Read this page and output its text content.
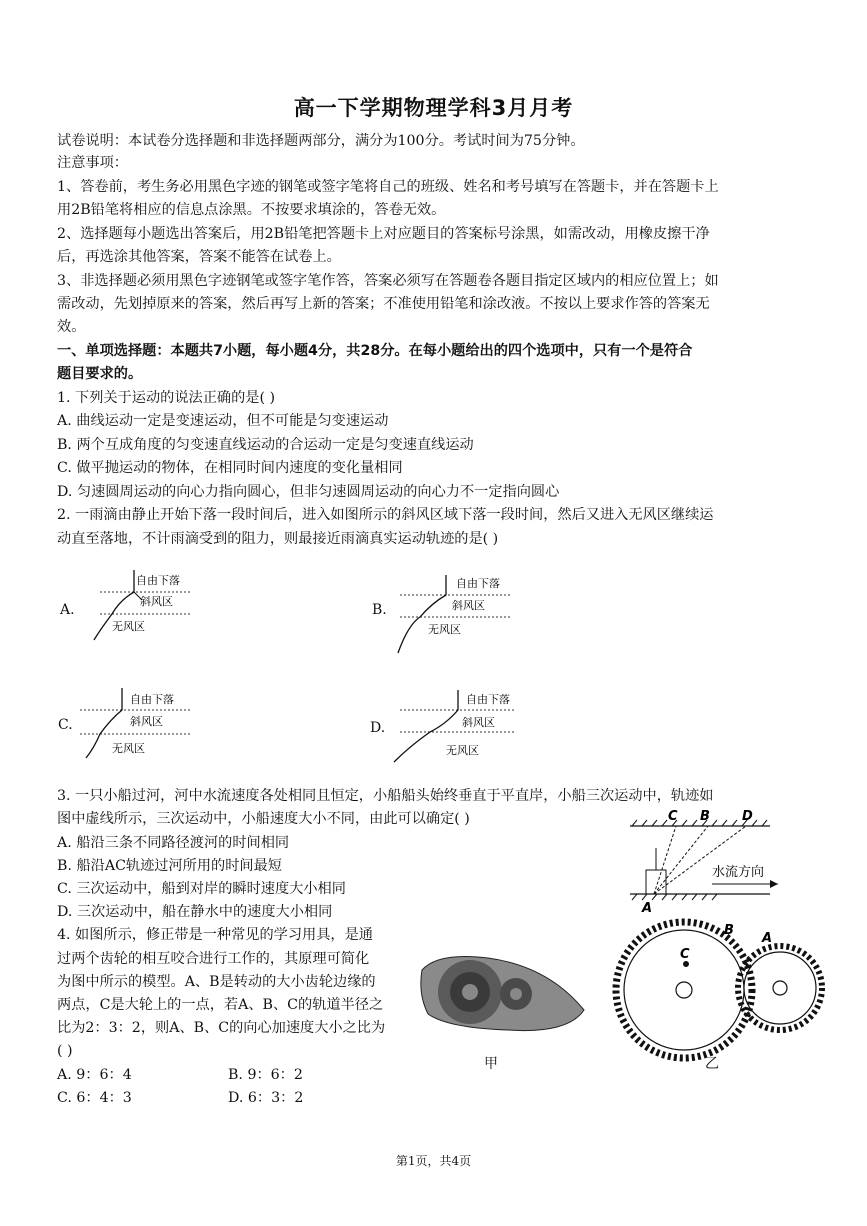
高一下学期物理学科3月月考
试卷说明：本试卷分选择题和非选择题两部分，满分为100分。考试时间为75分钟。
注意事项：
1、答卷前，考生务必用黑色字迹的钢笔或签字笔将自己的班级、姓名和考号填写在答题卡，并在答题卡上
用2B铅笔将相应的信息点涂黑。不按要求填涂的，答卷无效。
2、选择题每小题选出答案后，用2B铅笔把答题卡上对应题目的答案标号涂黑，如需改动，用橡皮擦干净
后，再选涂其他答案，答案不能答在试卷上。
3、非选择题必须用黑色字迹钢笔或签字笔作答，答案必须写在答题卷各题目指定区域内的相应位置上；如
需改动，先划掉原来的答案，然后再写上新的答案；不准使用铅笔和涂改液。不按以上要求作答的答案无
效。
一、单项选择题：本题共7小题，每小题4分，共28分。在每小题给出的四个选项中，只有一个是符合
题目要求的。
1. 下列关于运动的说法正确的是( )
A. 曲线运动一定是变速运动，但不可能是匀变速运动
B. 两个互成角度的匀变速直线运动的合运动一定是匀变速直线运动
C. 做平抛运动的物体，在相同时间内速度的变化量相同
D. 匀速圆周运动的向心力指向圆心，但非匀速圆周运动的向心力不一定指向圆心
2. 一雨滴由静止开始下落一段时间后，进入如图所示的斜风区域下落一段时间，然后又进入无风区继续运
动直至落地，不计雨滴受到的阻力，则最接近雨滴真实运动轨迹的是( )
A.
自由下落
斜风区
无风区
B.
自由下落
斜风区
无风区
C.
自由下落
斜风区
无风区
D.
自由下落
斜风区
无风区
3. 一只小船过河，河中水流速度各处相同且恒定，小船船头始终垂直于平直岸，小船三次运动中，轨迹如
图中虚线所示，三次运动中，小船速度大小不同，由此可以确定( )
A. 船沿三条不同路径渡河的时间相同
B. 船沿AC轨迹过河所用的时间最短
C. 三次运动中，船到对岸的瞬时速度大小相同
D. 三次运动中，船在静水中的速度大小相同
C B D
A
水流方向
4. 如图所示，修正带是一种常见的学习用具，是通
过两个齿轮的相互咬合进行工作的，其原理可简化
为图中所示的模型。A、B是转动的大小齿轮边缘的
两点，C是大轮上的一点，若A、B、C的轨道半径之
比为2：3：2，则A、B、C的向心加速度大小之比为
( )
A. 9：6：4	B. 9：6：2
C. 6：4：3	D. 6：3：2
甲
B
A
C
乙
第1页，共4页
